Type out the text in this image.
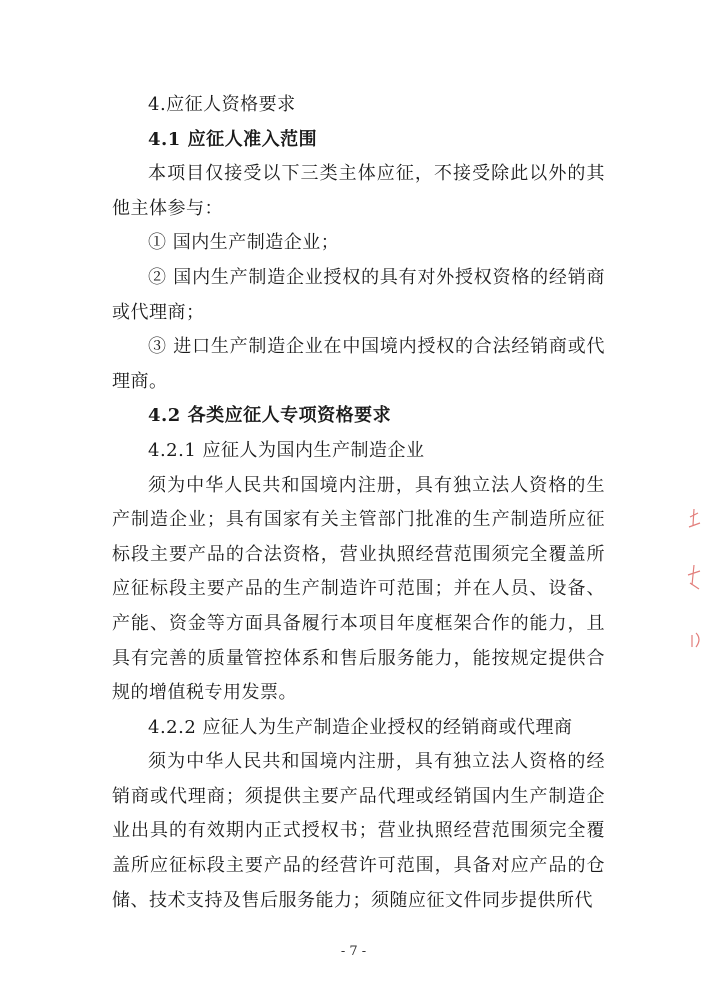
4.应征人资格要求

4.1 应征人准入范围

本项目仅接受以下三类主体应征，不接受除此以外的其他主体参与：

① 国内生产制造企业；

② 国内生产制造企业授权的具有对外授权资格的经销商或代理商；

③ 进口生产制造企业在中国境内授权的合法经销商或代理商。

4.2 各类应征人专项资格要求

4.2.1 应征人为国内生产制造企业

须为中华人民共和国境内注册，具有独立法人资格的生产制造企业；具有国家有关主管部门批准的生产制造所应征标段主要产品的合法资格，营业执照经营范围须完全覆盖所应征标段主要产品的生产制造许可范围；并在人员、设备、产能、资金等方面具备履行本项目年度框架合作的能力，且具有完善的质量管控体系和售后服务能力，能按规定提供合规的增值税专用发票。

4.2.2 应征人为生产制造企业授权的经销商或代理商

须为中华人民共和国境内注册，具有独立法人资格的经销商或代理商；须提供主要产品代理或经销国内生产制造企业出具的有效期内正式授权书；营业执照经营范围须完全覆盖所应征标段主要产品的经营许可范围，具备对应产品的仓储、技术支持及售后服务能力；须随应征文件同步提供所代

- 7 -
